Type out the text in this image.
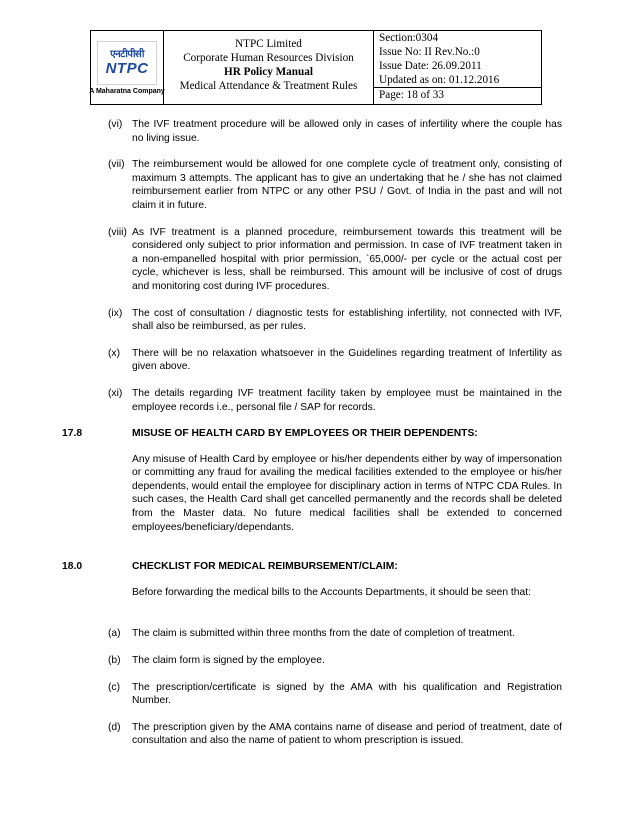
एनटीपीसी
NTPC
A Maharatna Company
NTPC Limited
Corporate Human Resources Division
HR Policy Manual
Medical Attendance & Treatment Rules
Section:0304
Issue No: II Rev.No.:0
Issue Date: 26.09.2011
Updated as on: 01.12.2016
Page: 18 of 33
(vi) The IVF treatment procedure will be allowed only in cases of infertility where the couple has no living issue.
(vii) The reimbursement would be allowed for one complete cycle of treatment only, consisting of maximum 3 attempts. The applicant has to give an undertaking that he / she has not claimed reimbursement earlier from NTPC or any other PSU / Govt. of India in the past and will not claim it in future.
(viii) As IVF treatment is a planned procedure, reimbursement towards this treatment will be considered only subject to prior information and permission. In case of IVF treatment taken in a non-empanelled hospital with prior permission, `65,000/- per cycle or the actual cost per cycle, whichever is less, shall be reimbursed. This amount will be inclusive of cost of drugs and monitoring cost during IVF procedures.
(ix) The cost of consultation / diagnostic tests for establishing infertility, not connected with IVF, shall also be reimbursed, as per rules.
(x)	There will be no relaxation whatsoever in the Guidelines regarding treatment of Infertility as given above.
(xi) The details regarding IVF treatment facility taken by employee must be maintained in the employee records i.e., personal file / SAP for records.
17.8	MISUSE OF HEALTH CARD BY EMPLOYEES OR THEIR DEPENDENTS:
Any misuse of Health Card by employee or his/her dependents either by way of impersonation or committing any fraud for availing the medical facilities extended to the employee or his/her dependents, would entail the employee for disciplinary action in terms of NTPC CDA Rules. In such cases, the Health Card shall get cancelled permanently and the records shall be deleted from the Master data. No future medical facilities shall be extended to concerned employees/beneficiary/dependants.
18.0	CHECKLIST FOR MEDICAL REIMBURSEMENT/CLAIM:
Before forwarding the medical bills to the Accounts Departments, it should be seen that:
(a)	The claim is submitted within three months from the date of completion of treatment.
(b)	The claim form is signed by the employee.
(c)	The prescription/certificate is signed by the AMA with his qualification and Registration Number.
(d)	The prescription given by the AMA contains name of disease and period of treatment, date of consultation and also the name of patient to whom prescription is issued.
